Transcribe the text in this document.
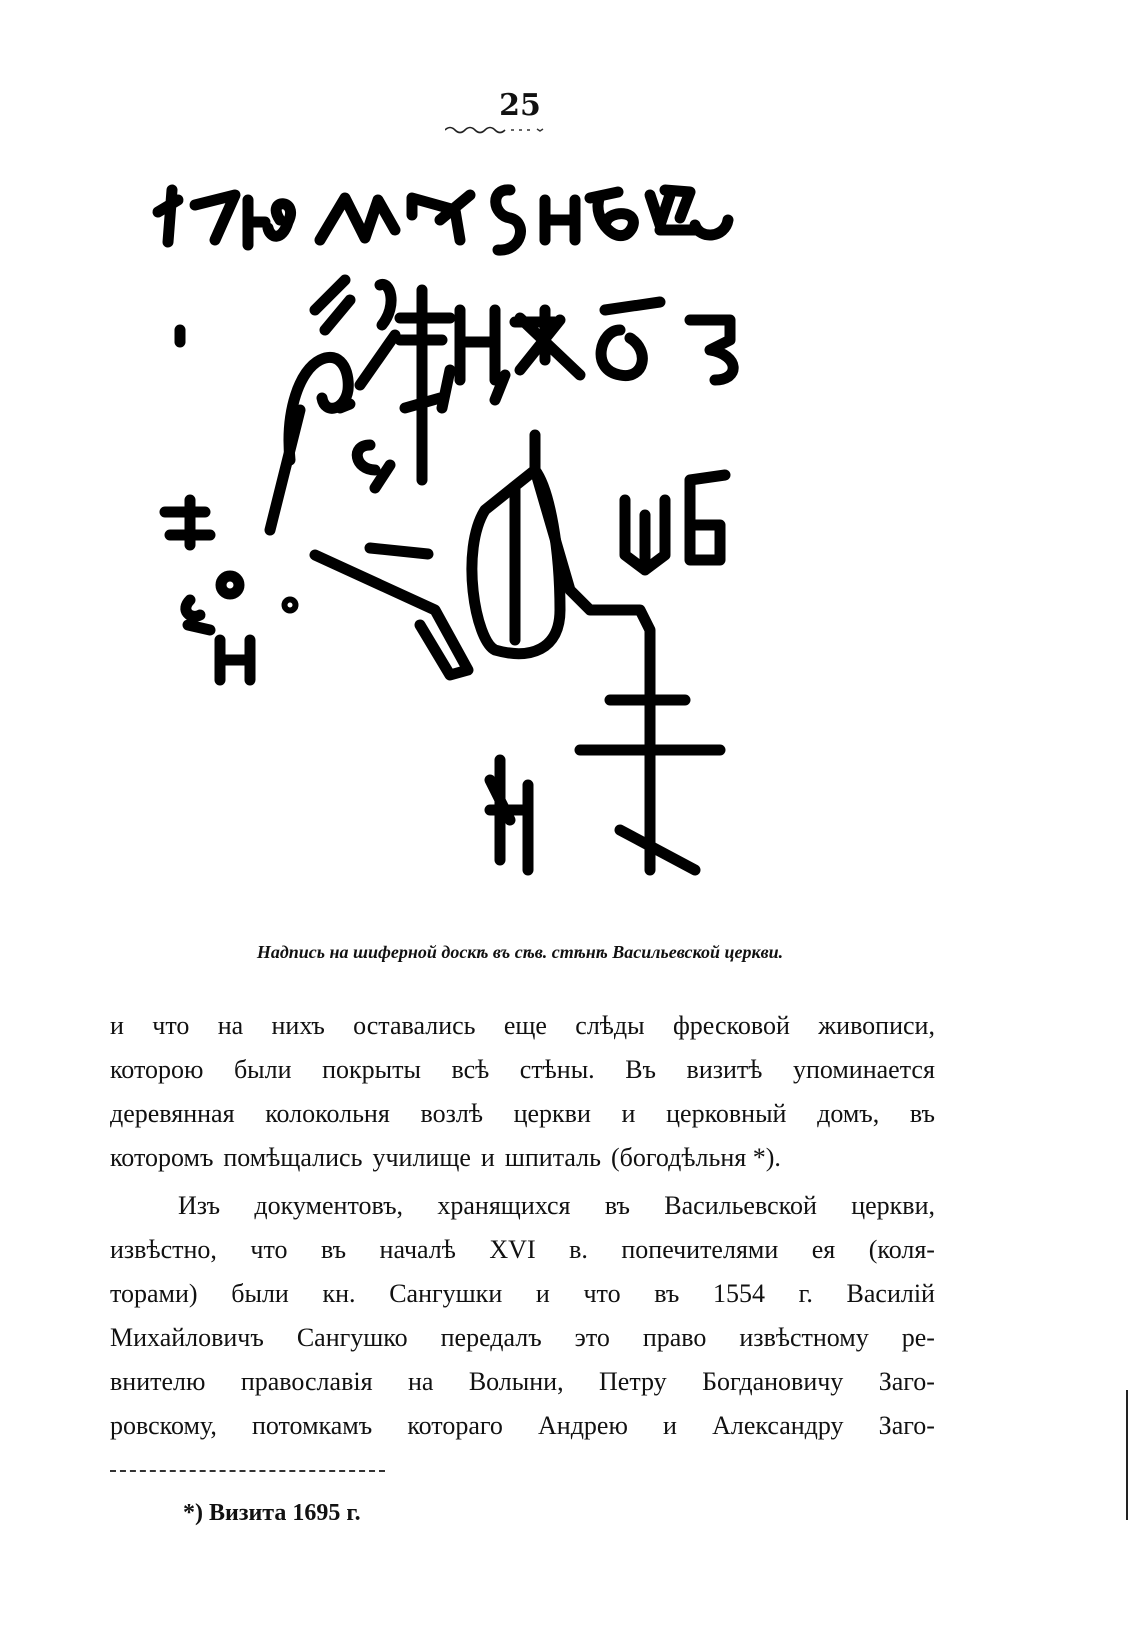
25
Надпись на шиферной доскѣ въ сѣв. стѣнѣ Васильевской церкви.
и что на нихъ оставались еще слѣды фресковой живописи,
которою были покрыты всѣ стѣны. Въ визитѣ упоминается
деревянная колокольня возлѣ церкви и церковный домъ, въ
которомъ помѣщались училище и шпиталь (богодѣльня *).
Изъ документовъ, хранящихся въ Васильевской церкви,
извѣстно, что въ началѣ XVI в. попечителями ея (коля-
торами) были кн. Сангушки и что въ 1554 г. Василій
Михайловичъ Сангушко передалъ это право извѣстному ре-
внителю православія на Волыни, Петру Богдановичу Заго-
ровскому, потомкамъ котораго Андрею и Александру Заго-
*) Визита 1695 г.
